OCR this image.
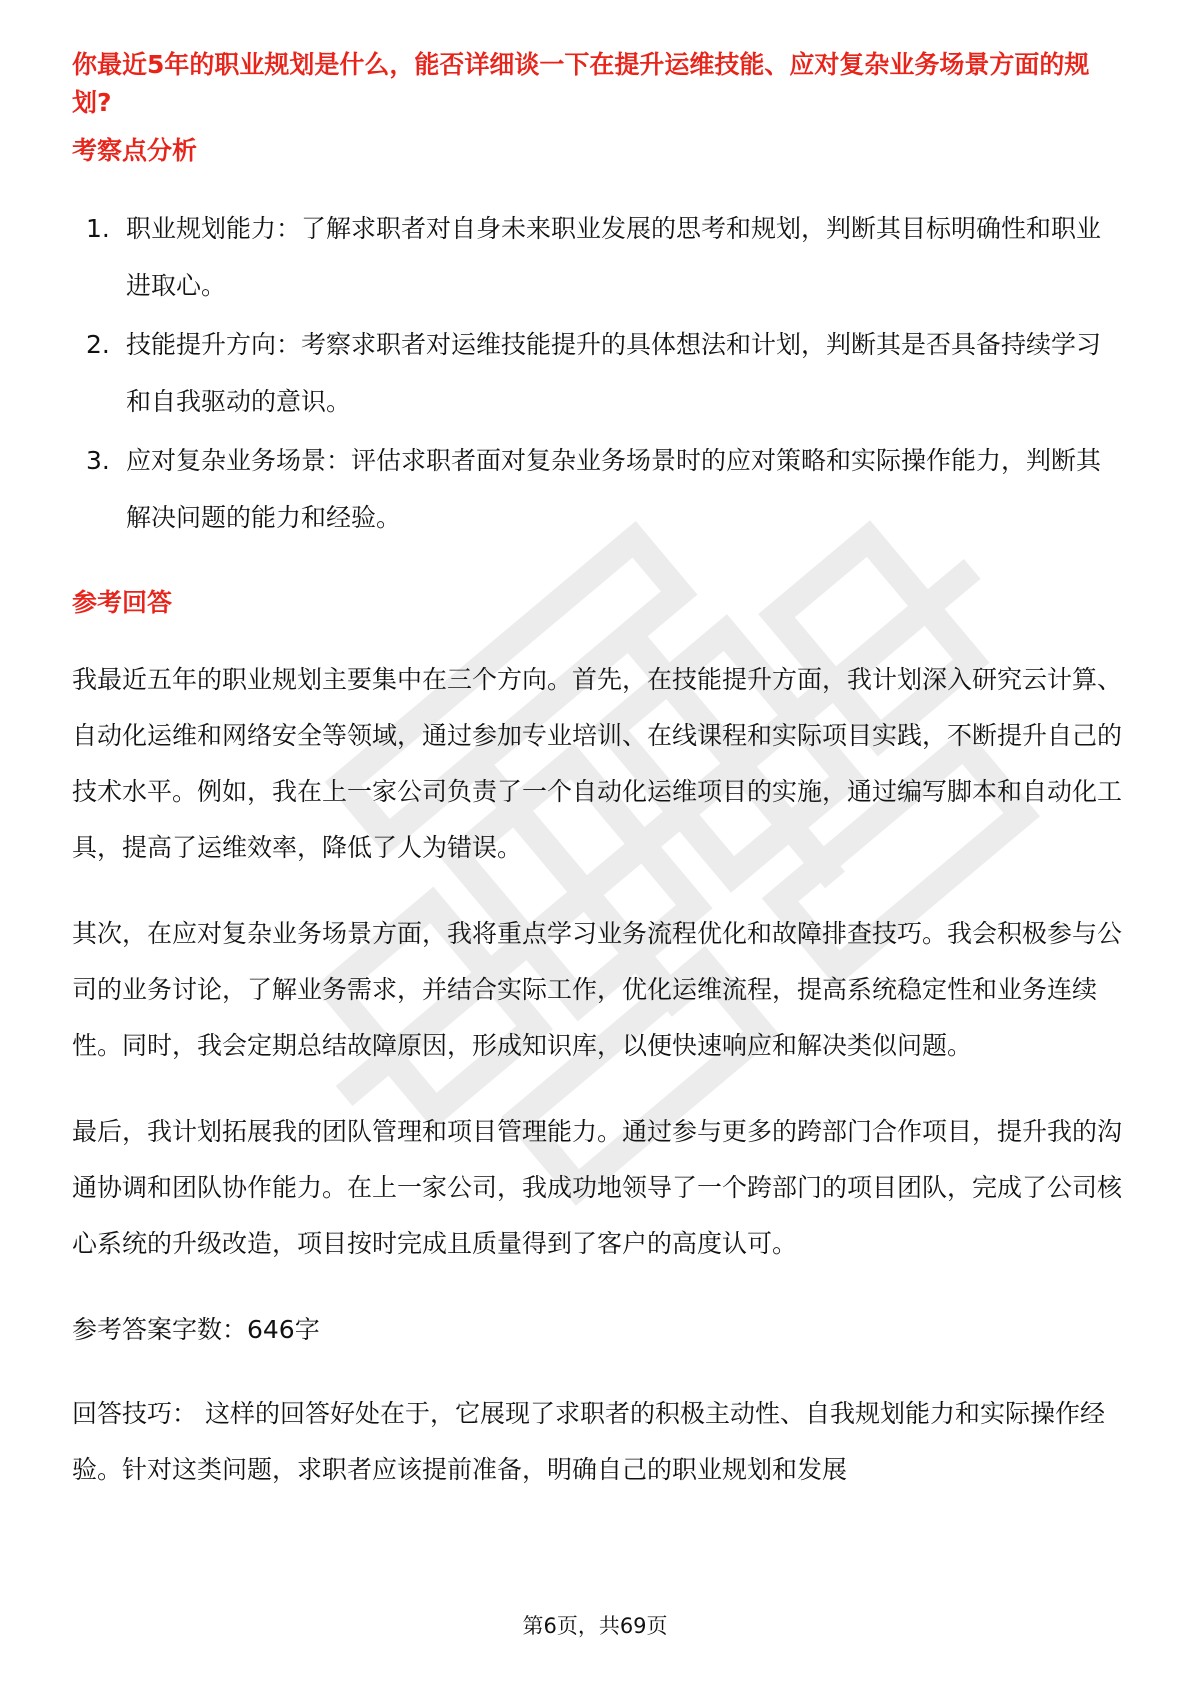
你最近5年的职业规划是什么，能否详细谈一下在提升运维技能、应对复杂业务场景方面的规划?

考察点分析

1. 职业规划能力：了解求职者对自身未来职业发展的思考和规划，判断其目标明确性和职业进取心。
2. 技能提升方向：考察求职者对运维技能提升的具体想法和计划，判断其是否具备持续学习和自我驱动的意识。
3. 应对复杂业务场景：评估求职者面对复杂业务场景时的应对策略和实际操作能力，判断其解决问题的能力和经验。

参考回答

我最近五年的职业规划主要集中在三个方向。首先，在技能提升方面，我计划深入研究云计算、自动化运维和网络安全等领域，通过参加专业培训、在线课程和实际项目实践，不断提升自己的技术水平。例如，我在上一家公司负责了一个自动化运维项目的实施，通过编写脚本和自动化工具，提高了运维效率，降低了人为错误。

其次，在应对复杂业务场景方面，我将重点学习业务流程优化和故障排查技巧。我会积极参与公司的业务讨论，了解业务需求，并结合实际工作，优化运维流程，提高系统稳定性和业务连续性。同时，我会定期总结故障原因，形成知识库，以便快速响应和解决类似问题。

最后，我计划拓展我的团队管理和项目管理能力。通过参与更多的跨部门合作项目，提升我的沟通协调和团队协作能力。在上一家公司，我成功地领导了一个跨部门的项目团队，完成了公司核心系统的升级改造，项目按时完成且质量得到了客户的高度认可。

参考答案字数：646字

回答技巧： 这样的回答好处在于，它展现了求职者的积极主动性、自我规划能力和实际操作经验。针对这类问题，求职者应该提前准备，明确自己的职业规划和发展

第6页，共69页
